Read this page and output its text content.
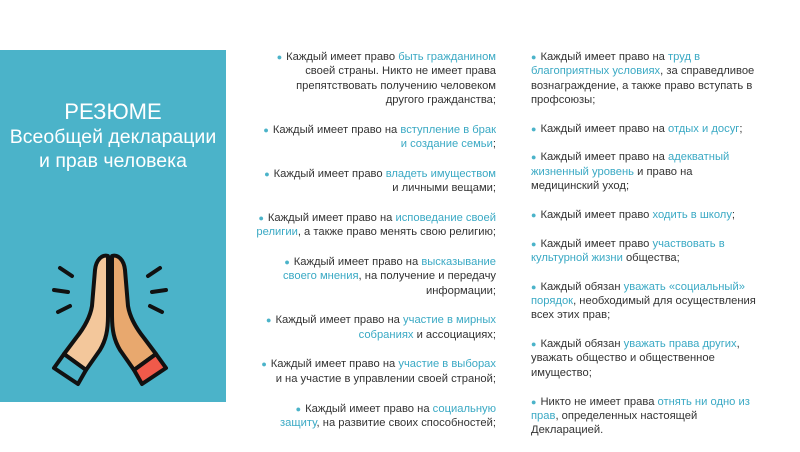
РЕЗЮМЕ
Всеобщей декларации
и прав человека
● Каждый имеет право быть гражданином своей страны. Никто не имеет права препятствовать получению человеком другого гражданства;
● Каждый имеет право на вступление в брак и создание семьи;
● Каждый имеет право владеть имуществом и личными вещами;
● Каждый имеет право на исповедание своей религии, а также право менять свою религию;
● Каждый имеет право на высказывание своего мнения, на получение и передачу информации;
● Каждый имеет право на участие в мирных собраниях и ассоциациях;
● Каждый имеет право на участие в выборах и на участие в управлении своей страной;
● Каждый имеет право на социальную защиту, на развитие своих способностей;
● Каждый имеет право на труд в благоприятных условиях, за справедливое вознаграждение, а также право вступать в профсоюзы;
● Каждый имеет право на отдых и досуг;
● Каждый имеет право на адекватный жизненный уровень и право на медицинский уход;
● Каждый имеет право ходить в школу;
● Каждый имеет право участвовать в культурной жизни общества;
● Каждый обязан уважать «социальный» порядок, необходимый для осуществления всех этих прав;
● Каждый обязан уважать права других, уважать общество и общественное имущество;
● Никто не имеет права отнять ни одно из прав, определенных настоящей Декларацией.
